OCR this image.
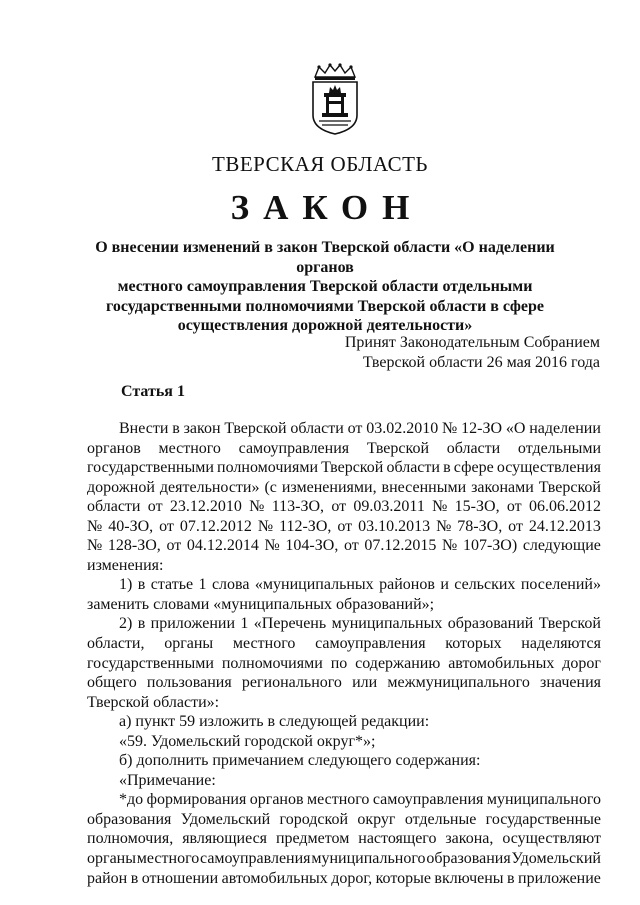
ТВЕРСКАЯ ОБЛАСТЬ
ЗАКОН
О внесении изменений в закон Тверской области «О наделении органов
местного самоуправления Тверской области отдельными
государственными полномочиями Тверской области в сфере
осуществления дорожной деятельности»
Принят Законодательным Собранием
Тверской области 26 мая 2016 года
Статья 1
Внести в закон Тверской области от 03.02.2010 № 12-ЗО «О наделении
органов местного самоуправления Тверской области отдельными
государственными полномочиями Тверской области в сфере осуществления
дорожной деятельности» (с изменениями, внесенными законами Тверской
области от 23.12.2010 № 113-ЗО, от 09.03.2011 № 15-ЗО, от 06.06.2012
№ 40-ЗО, от 07.12.2012 № 112-ЗО, от 03.10.2013 № 78-ЗО, от 24.12.2013
№ 128-ЗО, от 04.12.2014 № 104-ЗО, от 07.12.2015 № 107-ЗО) следующие
изменения:
1) в статье 1 слова «муниципальных районов и сельских поселений»
заменить словами «муниципальных образований»;
2) в приложении 1 «Перечень муниципальных образований Тверской
области, органы местного самоуправления которых наделяются
государственными полномочиями по содержанию автомобильных дорог
общего пользования регионального или межмуниципального значения
Тверской области»:
а) пункт 59 изложить в следующей редакции:
«59. Удомельский городской округ*»;
б) дополнить примечанием следующего содержания:
«Примечание:
*до формирования органов местного самоуправления муниципального
образования Удомельский городской округ отдельные государственные
полномочия, являющиеся предметом настоящего закона, осуществляют
органы местного самоуправления муниципального образования Удомельский
район в отношении автомобильных дорог, которые включены в приложение
